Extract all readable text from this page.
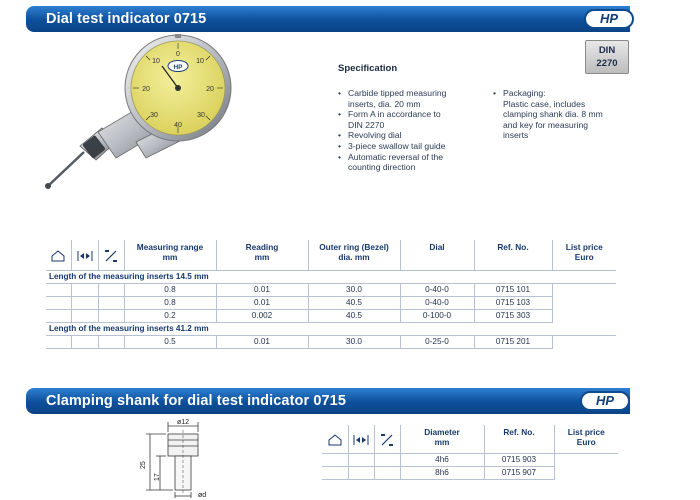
Dial test indicator 0715	HP
DIN
2270
0
10
20
30
40
30
20
10
HP	Specification
• Carbide tipped measuring
inserts, dia. 20 mm
• Form A in accordance to
DIN 2270
• Revolving dial
• 3-piece swallow tail guide
• Automatic reversal of the
counting direction
• Packaging:
Plastic case, includes
clamping shank dia. 8 mm
and key for measuring
inserts
			Measuring range
mm	Reading
mm	Outer ring (Bezel)
dia. mm	Dial	Ref. No.	List price
Euro
Length of the measuring inserts 14.5 mm								
			0.8	0.01	30.0	0-40-0	0715 101	
			0.8	0.01	40.5	0-40-0	0715 103	
			0.2	0.002	40.5	0-100-0	0715 303	
Length of the measuring inserts 41.2 mm								
			0.5	0.01	30.0	0-25-0	0715 201	
Clamping shank for dial test indicator 0715	HP
ø12
25
17
ød
			Diameter
mm	Ref. No.	List price
Euro
			4h6	0715 903	
			8h6	0715 907	
